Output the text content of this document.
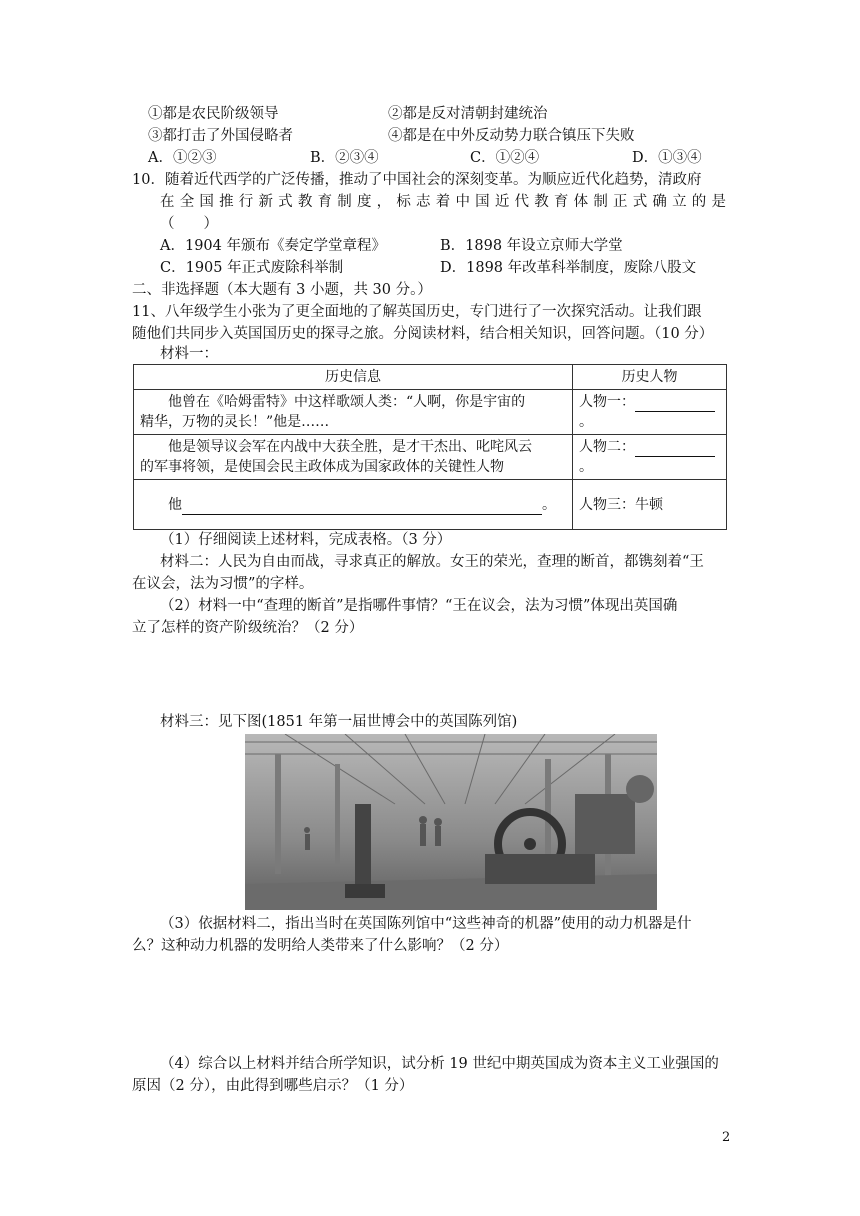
①都是农民阶级领导	②都是反对清朝封建统治
③都打击了外国侵略者	④都是在中外反动势力联合镇压下失败
A．①②③	B．②③④	C．①②④	D．①③④
10．随着近代西学的广泛传播，推动了中国社会的深刻变革。为顺应近代化趋势，清政府
在全国推行新式教育制度，标志着中国近代教育体制正式确立的是
（　　）
A．1904 年颁布《奏定学堂章程》	B．1898 年设立京师大学堂
C．1905 年正式废除科举制	D．1898 年改革科举制度，废除八股文
二、非选择题（本大题有 3 小题，共 30 分。）
11、八年级学生小张为了更全面地的了解英国历史，专门进行了一次探究活动。让我们跟
随他们共同步入英国国历史的探寻之旅。分阅读材料，结合相关知识，回答问题。（10 分）
材料一：
历史信息	历史人物

他曾在《哈姆雷特》中这样歌颂人类：“人啊，你是宇宙的
精华，万物的灵长！”他是……	人物一：。

他是领导议会军在内战中大获全胜，是才干杰出、叱咤风云
的军事将领，是使国会民主政体成为国家政体的关键性人物	人物二：。
他 。	人物三：牛顿
（1）仔细阅读上述材料，完成表格。（3 分）
材料二：人民为自由而战，寻求真正的解放。女王的荣光，查理的断首，都镌刻着“王
在议会，法为习惯”的字样。
（2）材料一中“查理的断首”是指哪件事情？“王在议会，法为习惯”体现出英国确
立了怎样的资产阶级统治？（2 分）
材料三：见下图(1851 年第一届世博会中的英国陈列馆)
（3）依据材料二，指出当时在英国陈列馆中“这些神奇的机器”使用的动力机器是什
么？这种动力机器的发明给人类带来了什么影响？（2 分）
（4）综合以上材料并结合所学知识，试分析 19 世纪中期英国成为资本主义工业强国的
原因（2 分），由此得到哪些启示？（1 分）
2
